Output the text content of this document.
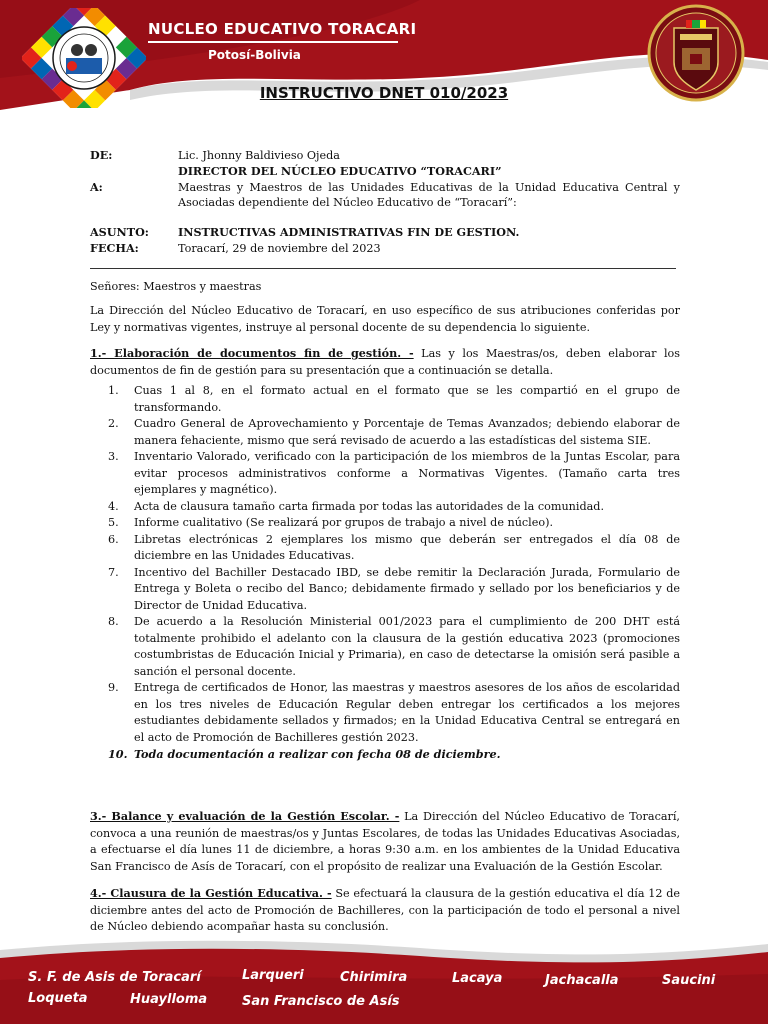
NUCLEO EDUCATIVO TORACARI
Potosí-Bolivia
INSTRUCTIVO DNET 010/2023
DE:	Lic. Jhonny Baldivieso Ojeda
DIRECTOR DEL NÚCLEO EDUCATIVO “TORACARI”
A:	Maestras y Maestros de las Unidades Educativas de la Unidad Educativa Central y Asociadas dependiente del Núcleo Educativo de “Toracarí”:
ASUNTO:	INSTRUCTIVAS ADMINISTRATIVAS FIN DE GESTION.
FECHA:	Toracarí, 29 de noviembre del 2023
Señores: Maestros y maestras
La Dirección del Núcleo Educativo de Toracarí, en uso específico de sus atribuciones conferidas por Ley y normativas vigentes, instruye al personal docente de su dependencia lo siguiente.
1.- Elaboración de documentos fin de gestión. - Las y los Maestras/os, deben elaborar los documentos de fin de gestión para su presentación que a continuación se detalla.
1. Cuas 1 al 8, en el formato actual en el formato que se les compartió en el grupo de transformando.
2. Cuadro General de Aprovechamiento y Porcentaje de Temas Avanzados; debiendo elaborar de manera fehaciente, mismo que será revisado de acuerdo a las estadísticas del sistema SIE.
3. Inventario Valorado, verificado con la participación de los miembros de la Juntas Escolar, para evitar procesos administrativos conforme a Normativas Vigentes. (Tamaño carta tres ejemplares y magnético).
4. Acta de clausura tamaño carta firmada por todas las autoridades de la comunidad.
5. Informe cualitativo (Se realizará por grupos de trabajo a nivel de núcleo).
6. Libretas electrónicas 2 ejemplares los mismo que deberán ser entregados el día 08 de diciembre en las Unidades Educativas.
7. Incentivo del Bachiller Destacado IBD, se debe remitir la Declaración Jurada, Formulario de Entrega y Boleta o recibo del Banco; debidamente firmado y sellado por los beneficiarios y de Director de Unidad Educativa.
8. De acuerdo a la Resolución Ministerial 001/2023 para el cumplimiento de 200 DHT está totalmente prohibido el adelanto con la clausura de la gestión educativa 2023 (promociones costumbristas de Educación Inicial y Primaria), en caso de detectarse la omisión será pasible a sanción el personal docente.
9. Entrega de certificados de Honor, las maestras y maestros asesores de los años de escolaridad en los tres niveles de Educación Regular deben entregar los certificados a los mejores estudiantes debidamente sellados y firmados; en la Unidad Educativa Central se entregará en el acto de Promoción de Bachilleres gestión 2023.
10. Toda documentación a realizar con fecha 08 de diciembre.
3.- Balance y evaluación de la Gestión Escolar. - La Dirección del Núcleo Educativo de Toracarí, convoca a una reunión de maestras/os y Juntas Escolares, de todas las Unidades Educativas Asociadas, a efectuarse el día lunes 11 de diciembre, a horas 9:30 a.m. en los ambientes de la Unidad Educativa San Francisco de Asís de Toracarí, con el propósito de realizar una Evaluación de la Gestión Escolar.
4.- Clausura de la Gestión Educativa. - Se efectuará la clausura de la gestión educativa el día 12 de diciembre antes del acto de Promoción de Bachilleres, con la participación de todo el personal a nivel de Núcleo debiendo acompañar hasta su conclusión.
S. F. de Asis de Toracarí	Larqueri	Chirimira	Lacaya	Jachacalla	Saucini
Loqueta	Huaylloma	San Francisco de Asís
